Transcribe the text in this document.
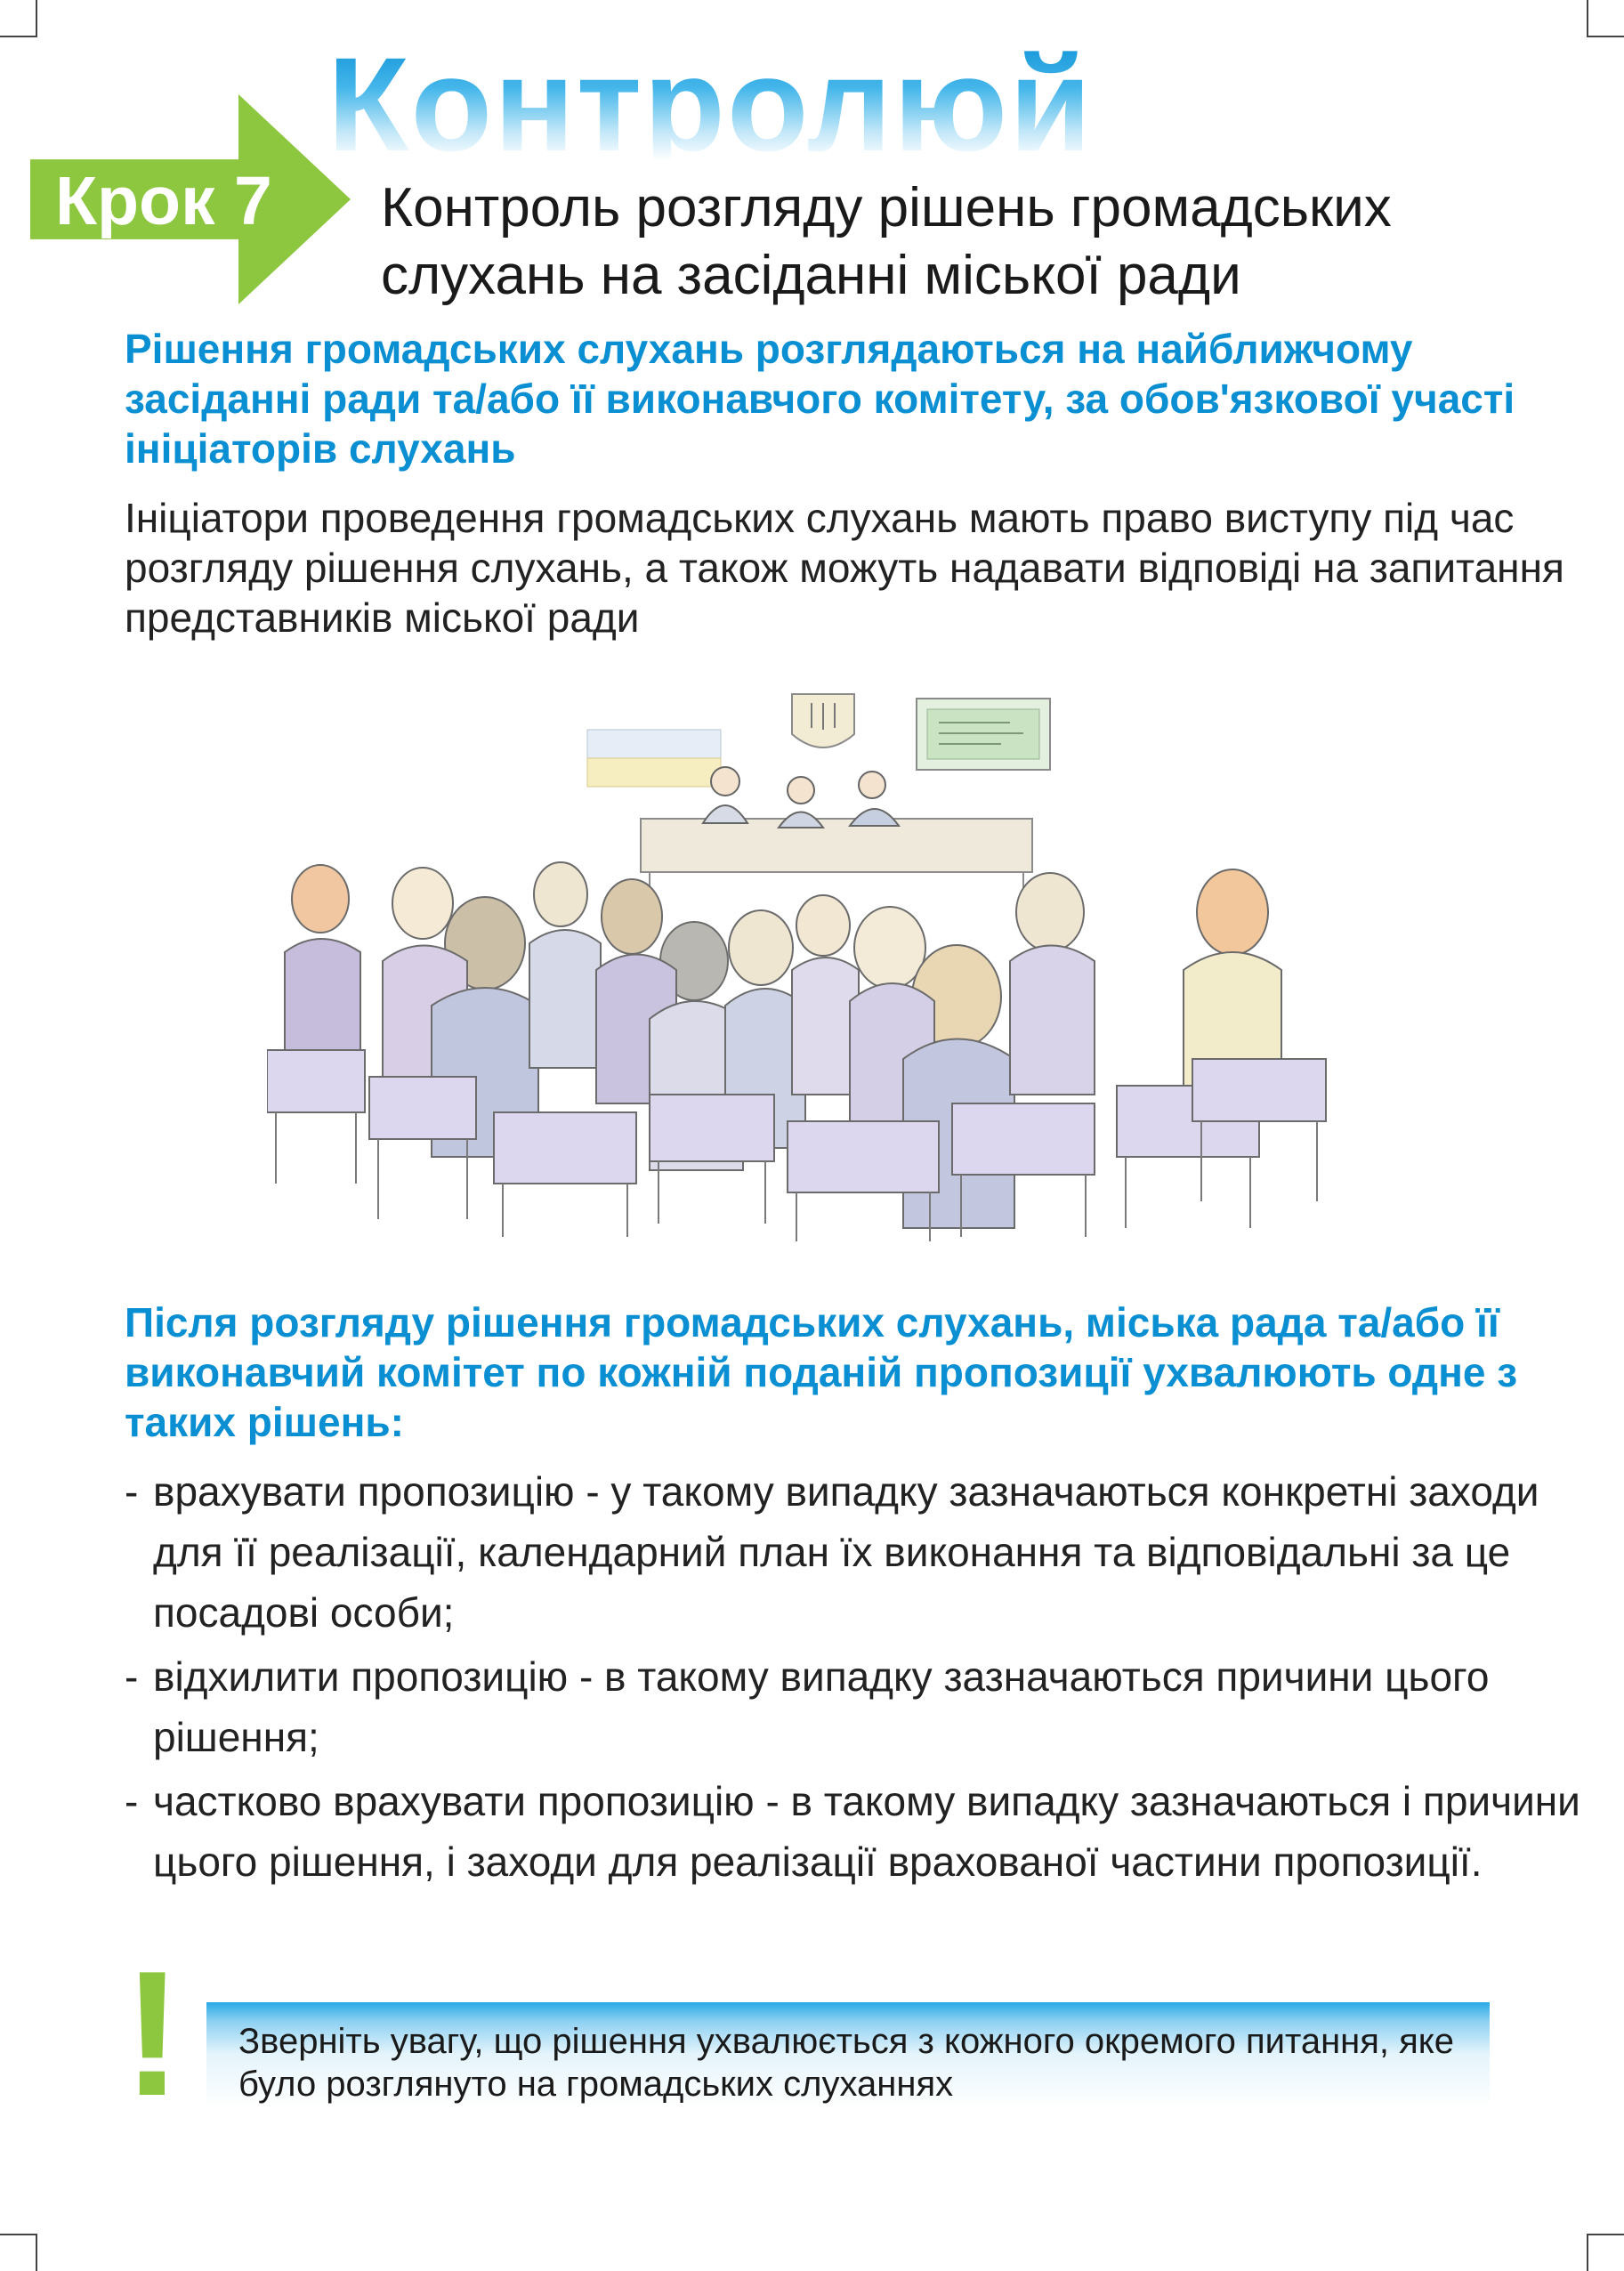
Контролюй

Крок 7 Контроль розгляду рішень громадських слухань на засіданні міської ради

Рішення громадських слухань розглядаються на найближчому засіданні ради та/або її виконавчого комітету, за обов'язкової участі ініціаторів слухань

Ініціатори проведення громадських слухань мають право виступу під час розгляду рішення слухань, а також можуть надавати відповіді на запитання представників міської ради

Після розгляду рішення громадських слухань, міська рада та/або її виконавчий комітет по кожній поданій пропозиції ухвалюють одне з таких рішень:

- врахувати пропозицію - у такому випадку зазначаються конкретні заходи для її реалізації, календарний план їх виконання та відповідальні за це посадові особи;
- відхилити пропозицію - в такому випадку зазначаються причини цього рішення;
- частково врахувати пропозицію - в такому випадку зазначаються і причини цього рішення, і заходи для реалізації врахованої частини пропозиції.

! Зверніть увагу, що рішення ухвалюється з кожного окремого питання, яке було розглянуто на громадських слуханнях
